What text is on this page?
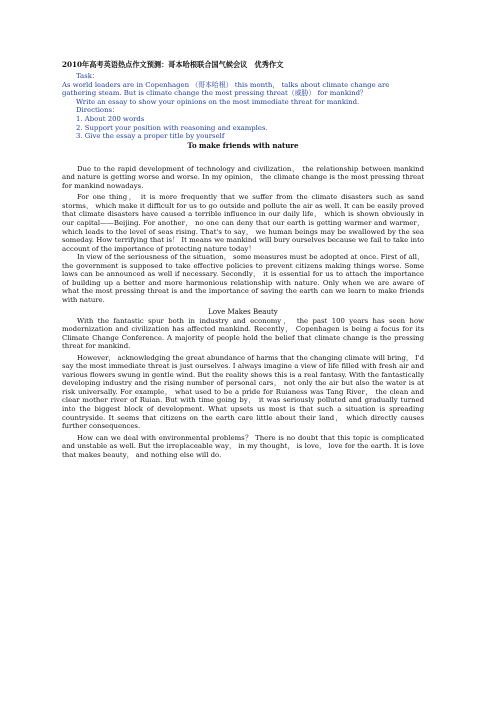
2010年高考英语热点作文预测：哥本哈根联合国气候会议　优秀作文

Task：

As world leaders are in Copenhagen （哥本哈根） this month， talks about climate change are gathering steam. But is climate change the most pressing threat（威胁） for mankind？

Write an essay to show your opinions on the most immediate threat for mankind.

Directions：

1. About 200 words

2. Support your position with reasoning and examples.

3. Give the essay a proper title by yourself

To make friends with nature

Due to the rapid development of technology and civilization， the relationship between mankind and nature is getting worse and worse. In my opinion， the climate change is the most pressing threat for mankind nowadays.

For one thing， it is more frequently that we suffer from the climate disasters such as sand storms， which make it difficult for us to go outside and pollute the air as well. It can be easily proved that climate disasters have caused a terrible influence in our daily life， which is shown obviously in our capital——Beijing. For another， no one can deny that our earth is getting warmer and warmer， which leads to the level of seas rising. That's to say， we human beings may be swallowed by the sea someday. How terrifying that is！ It means we mankind will bury ourselves because we fail to take into account of the importance of protecting nature today！

In view of the seriousness of the situation， some measures must be adopted at once. First of all， the government is supposed to take effective policies to prevent citizens making things worse. Some laws can be announced as well if necessary. Secondly， it is essential for us to attach the importance of building up a better and more harmonious relationship with nature. Only when we are aware of what the most pressing threat is and the importance of saving the earth can we learn to make friends with nature.

Love Makes Beauty

With the fantastic spur both in industry and economy， the past 100 years has seen how modernization and civilization has affected mankind. Recently， Copenhagen is being a focus for its Climate Change Conference. A majority of people hold the belief that climate change is the pressing threat for mankind.

However， acknowledging the great abundance of harms that the changing climate will bring， I'd say the most immediate threat is just ourselves. I always imagine a view of life filled with fresh air and various flowers swung in gentle wind. But the reality shows this is a real fantasy. With the fantastically developing industry and the rising number of personal cars， not only the air but also the water is at risk universally. For example， what used to be a pride for Ruianess was Tang River， the clean and clear mother river of Ruian. But with time going by， it was seriously polluted and gradually turned into the biggest block of development. What upsets us most is that such a situation is spreading countryside. It seems that citizens on the earth care little about their land， which directly causes further consequences.

How can we deal with environmental problems？ There is no doubt that this topic is complicated and unstable as well. But the irreplaceable way， in my thought， is love， love for the earth. It is love that makes beauty， and nothing else will do.
